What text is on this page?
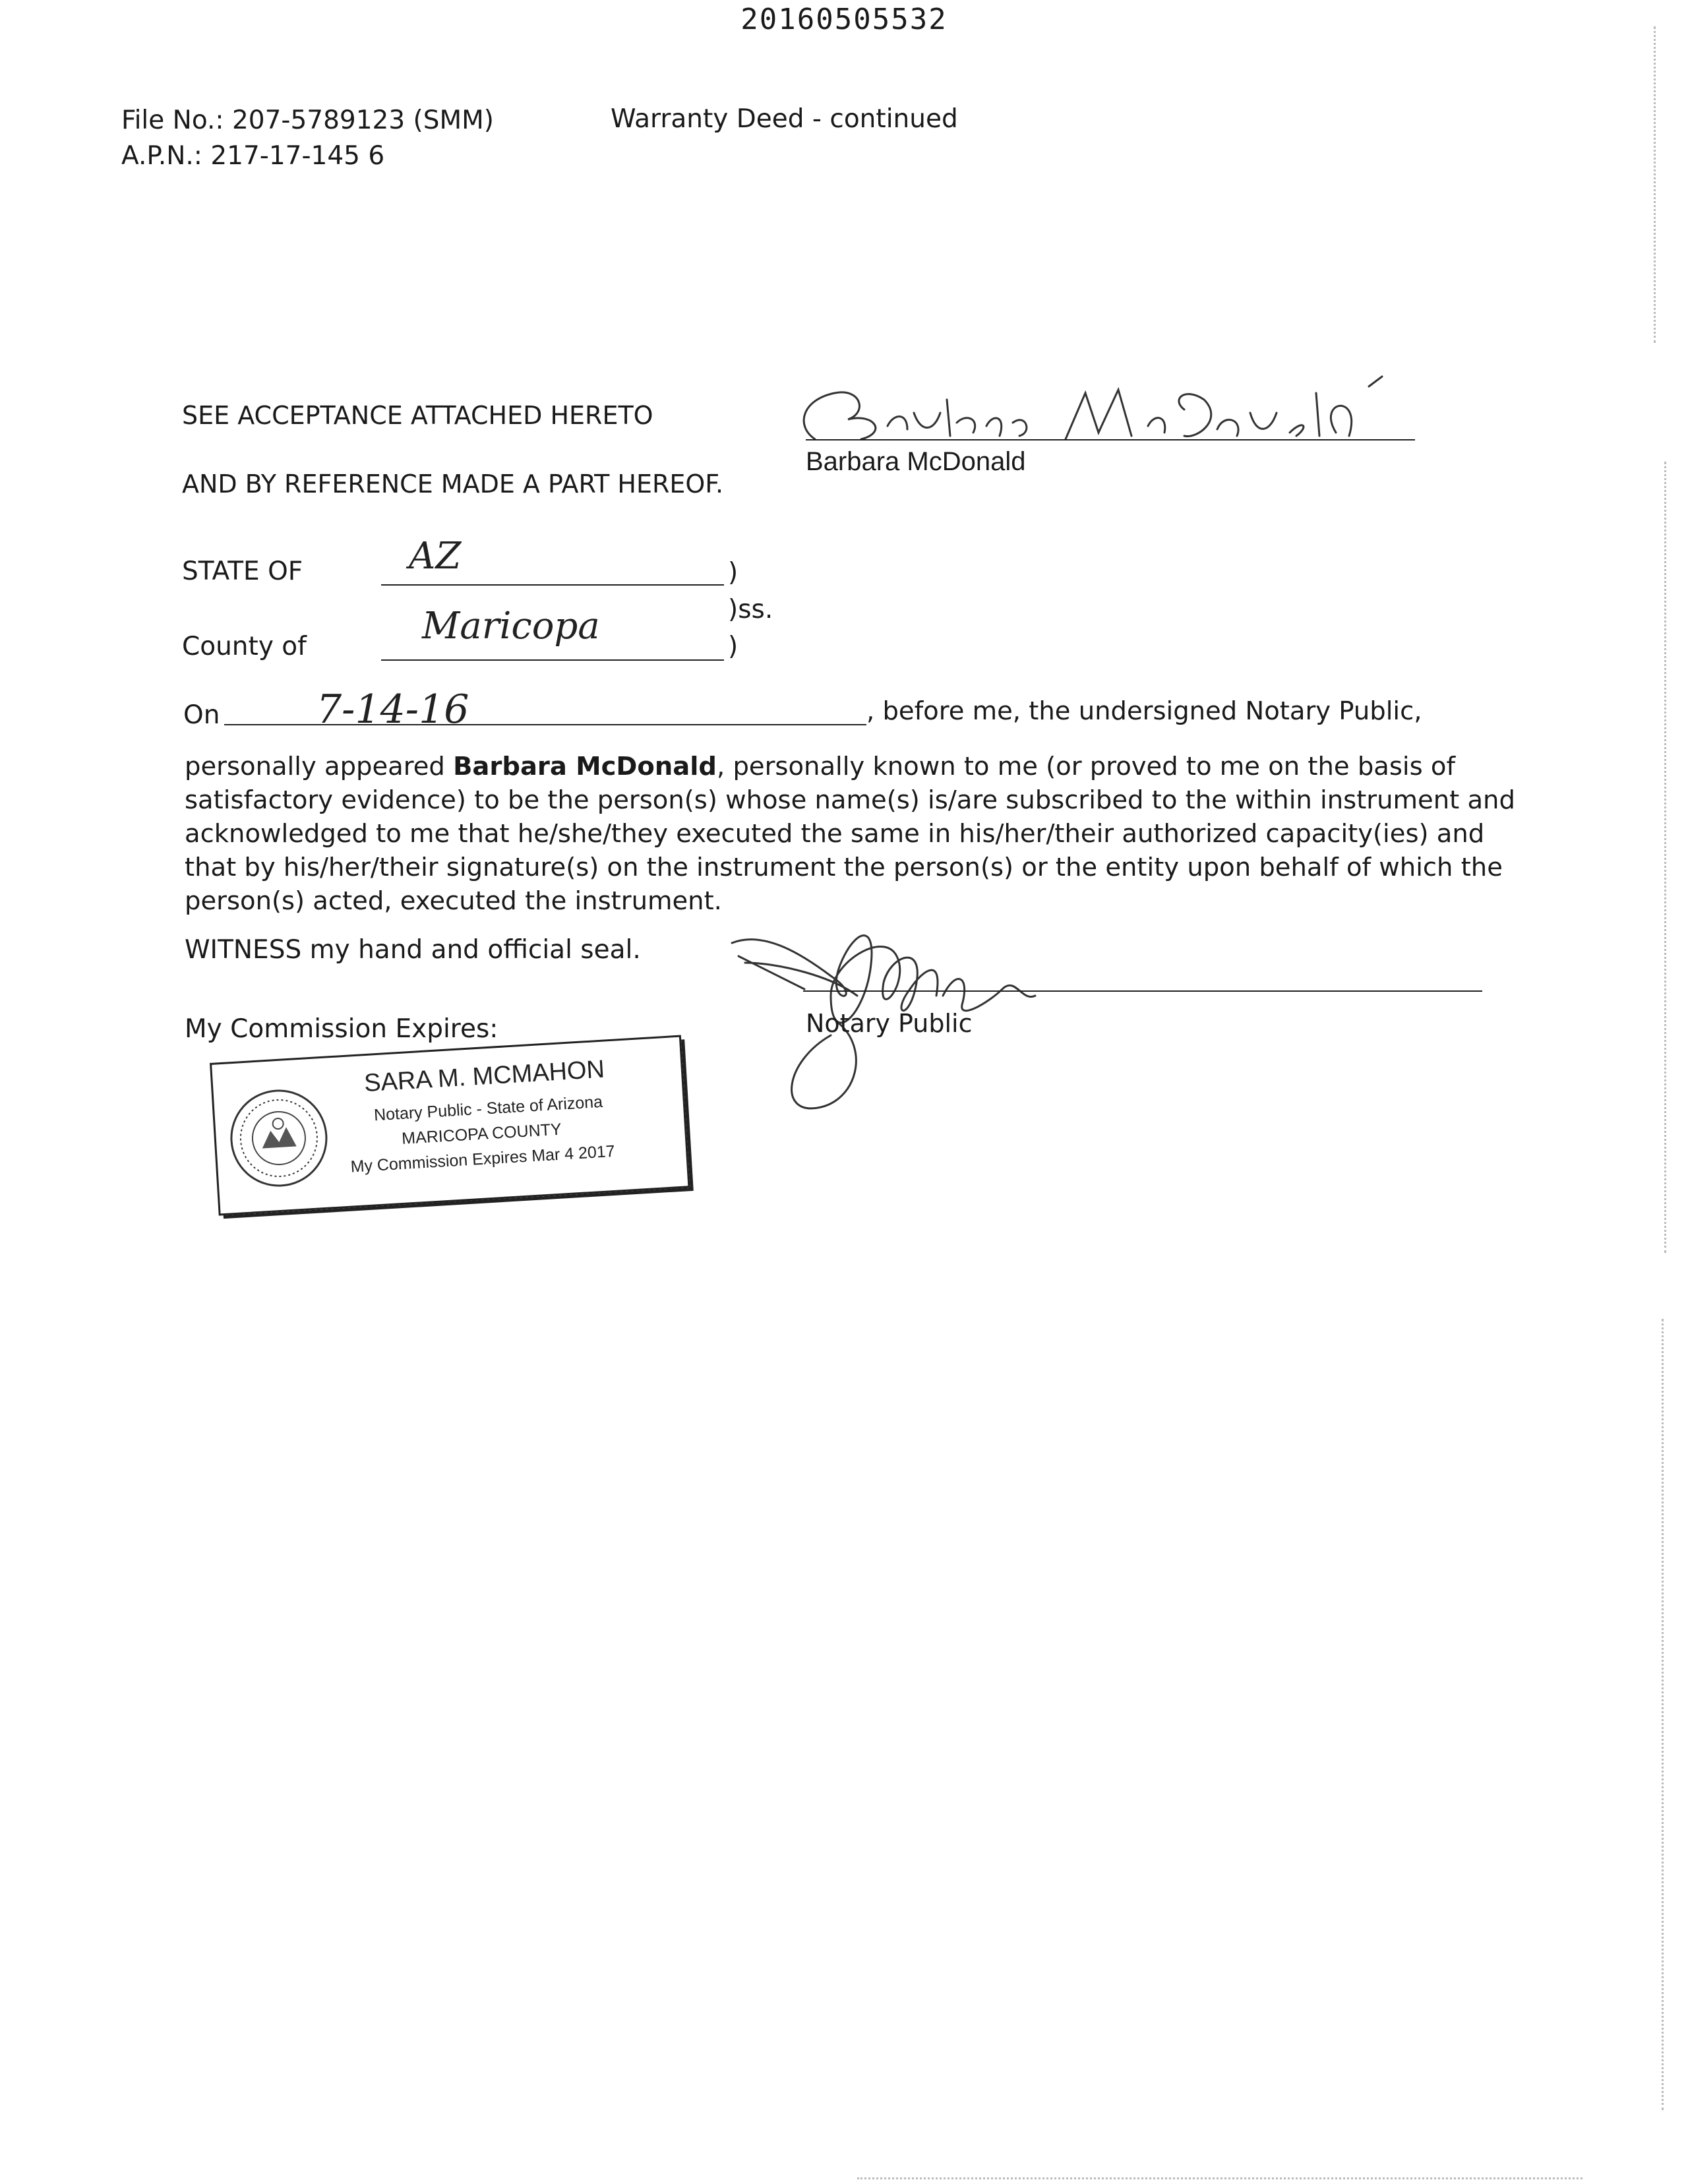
20160505532
File No.: 207-5789123 (SMM)
A.P.N.: 217-17-145 6
Warranty Deed - continued
SEE ACCEPTANCE ATTACHED HERETO
AND BY REFERENCE MADE A PART HEREOF.
Barbara McDonald
STATE OF	AZ	)
)ss.
County of	Maricopa	)
On 7-14-16	, before me, the undersigned Notary Public,

personally appeared Barbara McDonald, personally known to me (or proved to me on the basis of

satisfactory evidence) to be the person(s) whose name(s) is/are subscribed to the within instrument and

acknowledged to me that he/she/they executed the same in his/her/their authorized capacity(ies) and

that by his/her/their signature(s) on the instrument the person(s) or the entity upon behalf of which the

person(s) acted, executed the instrument.

WITNESS my hand and official seal.
My Commission Expires:	Notary Public
SARA M. MCMAHON
Notary Public - State of Arizona
MARICOPA COUNTY
My Commission Expires Mar 4 2017
